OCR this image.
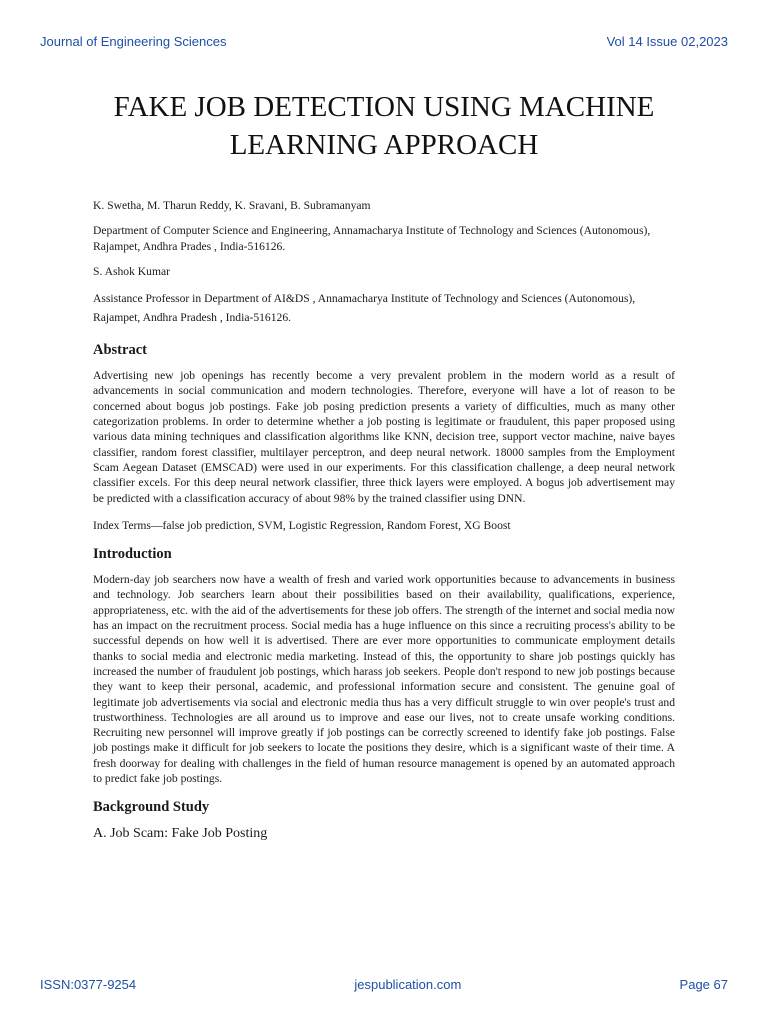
Journal of Engineering Sciences	Vol 14 Issue 02,2023
FAKE JOB DETECTION USING MACHINE LEARNING APPROACH

K. Swetha, M. Tharun Reddy, K. Sravani, B. Subramanyam

Department of Computer Science and Engineering, Annamacharya Institute of Technology and Sciences (Autonomous), Rajampet, Andhra Prades , India-516126.

S. Ashok Kumar

Assistance Professor in Department of AI&DS , Annamacharya Institute of Technology and Sciences (Autonomous), Rajampet, Andhra Pradesh , India-516126.

Abstract

Advertising new job openings has recently become a very prevalent problem in the modern world as a result of advancements in social communication and modern technologies. Therefore, everyone will have a lot of reason to be concerned about bogus job postings. Fake job posing prediction presents a variety of difficulties, much as many other categorization problems. In order to determine whether a job posting is legitimate or fraudulent, this paper proposed using various data mining techniques and classification algorithms like KNN, decision tree, support vector machine, naive bayes classifier, random forest classifier, multilayer perceptron, and deep neural network. 18000 samples from the Employment Scam Aegean Dataset (EMSCAD) were used in our experiments. For this classification challenge, a deep neural network classifier excels. For this deep neural network classifier, three thick layers were employed. A bogus job advertisement may be predicted with a classification accuracy of about 98% by the trained classifier using DNN.

Index Terms—false job prediction, SVM, Logistic Regression, Random Forest, XG Boost

Introduction

Modern-day job searchers now have a wealth of fresh and varied work opportunities because to advancements in business and technology. Job searchers learn about their possibilities based on their availability, qualifications, experience, appropriateness, etc. with the aid of the advertisements for these job offers. The strength of the internet and social media now has an impact on the recruitment process. Social media has a huge influence on this since a recruiting process's ability to be successful depends on how well it is advertised. There are ever more opportunities to communicate employment details thanks to social media and electronic media marketing. Instead of this, the opportunity to share job postings quickly has increased the number of fraudulent job postings, which harass job seekers. People don't respond to new job postings because they want to keep their personal, academic, and professional information secure and consistent. The genuine goal of legitimate job advertisements via social and electronic media thus has a very difficult struggle to win over people's trust and trustworthiness. Technologies are all around us to improve and ease our lives, not to create unsafe working conditions. Recruiting new personnel will improve greatly if job postings can be correctly screened to identify fake job postings. False job postings make it difficult for job seekers to locate the positions they desire, which is a significant waste of their time. A fresh doorway for dealing with challenges in the field of human resource management is opened by an automated approach to predict fake job postings.

Background Study

A. Job Scam: Fake Job Posting

ISSN:0377-9254	jespublication.com	Page 67
